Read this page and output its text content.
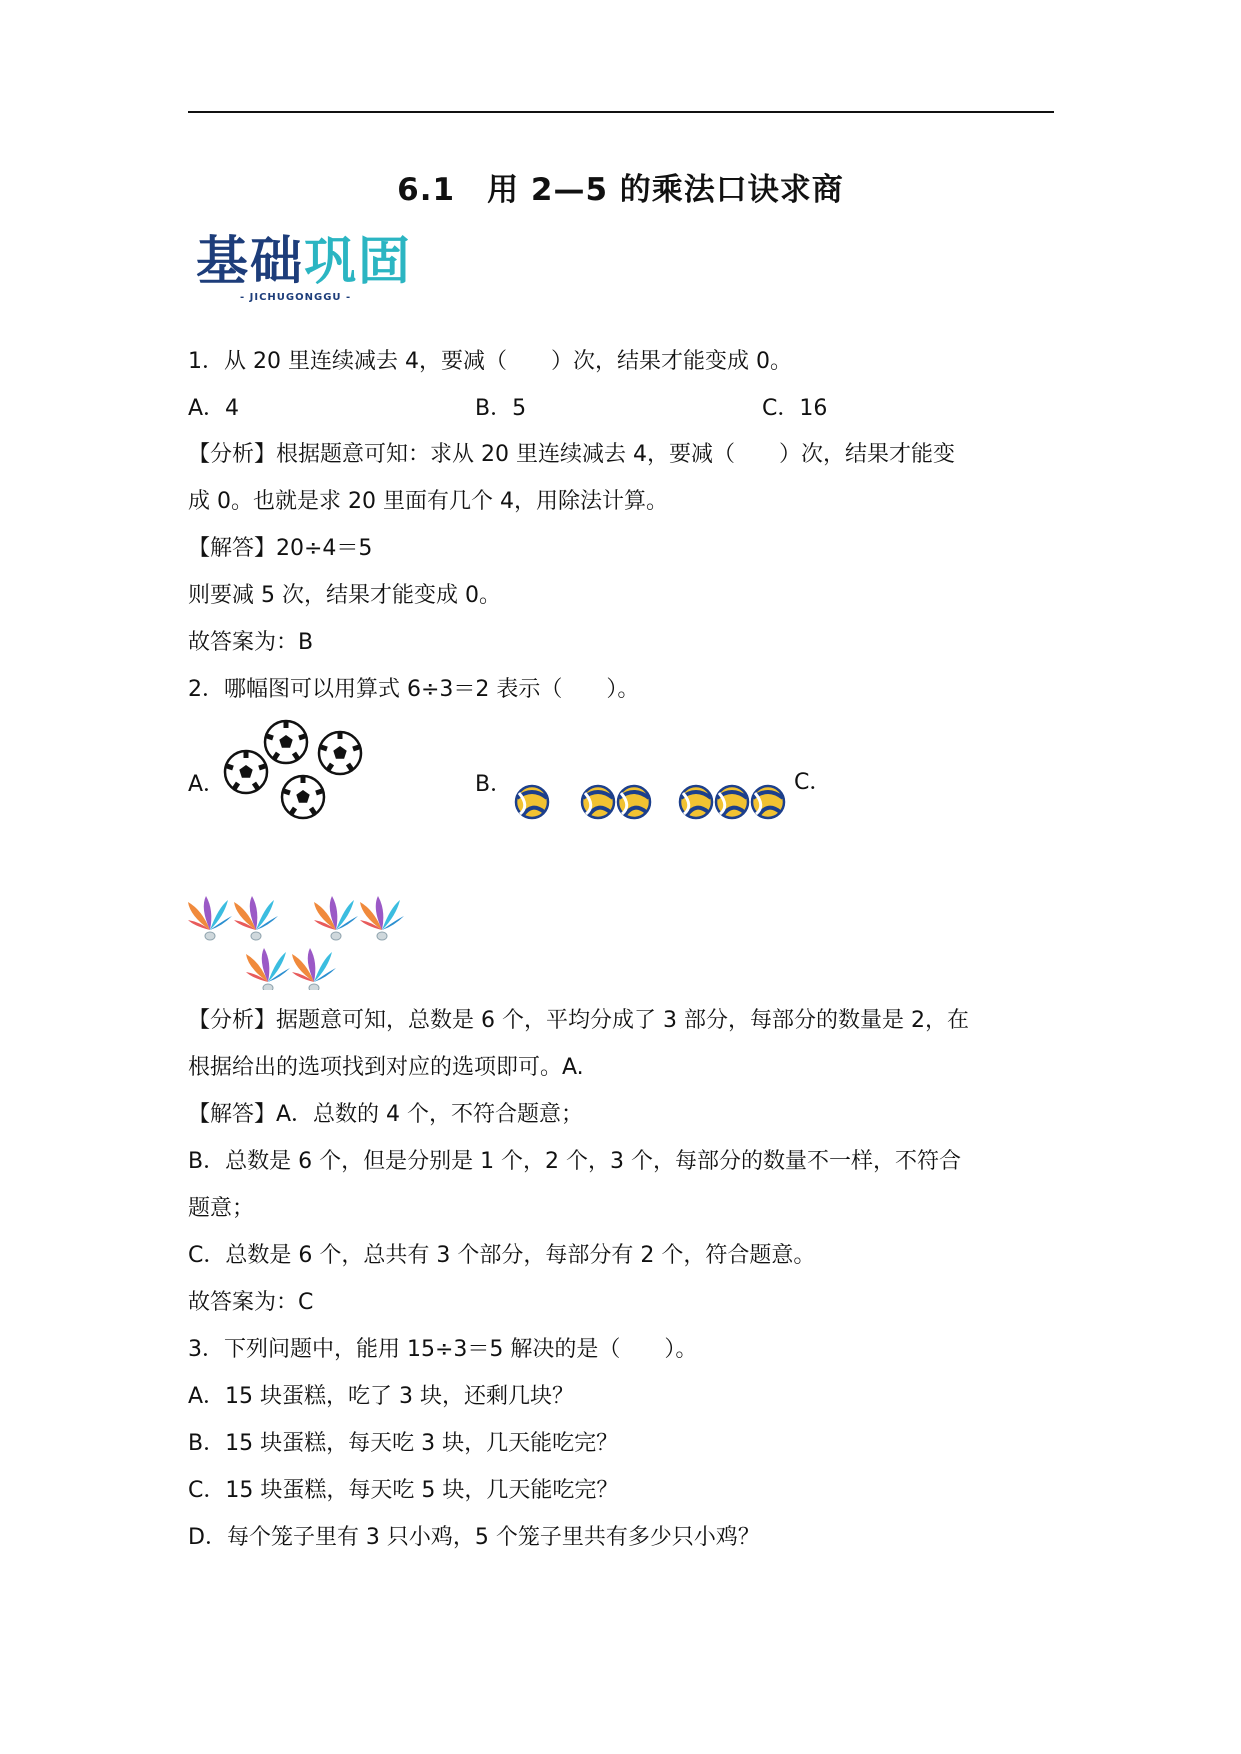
6.1　用 2—5 的乘法口诀求商
基础巩固
- JICHUGONGGU -
1．从 20 里连续减去 4，要减（　　）次，结果才能变成 0。
A．4	B．5	C．16
【分析】根据题意可知：求从 20 里连续减去 4，要减（　　）次，结果才能变
成 0。也就是求 20 里面有几个 4，用除法计算。
【解答】20÷4＝5
则要减 5 次，结果才能变成 0。
故答案为：B
2．哪幅图可以用算式 6÷3＝2 表示（　　）。
A．	B．	C．
【分析】据题意可知，总数是 6 个，平均分成了 3 部分，每部分的数量是 2，在
根据给出的选项找到对应的选项即可。A.
【解答】A．总数的 4 个，不符合题意；
B．总数是 6 个，但是分别是 1 个，2 个，3 个，每部分的数量不一样，不符合
题意；
C．总数是 6 个，总共有 3 个部分，每部分有 2 个，符合题意。
故答案为：C
3．下列问题中，能用 15÷3＝5 解决的是（　　）。
A．15 块蛋糕，吃了 3 块，还剩几块？
B．15 块蛋糕，每天吃 3 块，几天能吃完？
C．15 块蛋糕，每天吃 5 块，几天能吃完？
D．每个笼子里有 3 只小鸡，5 个笼子里共有多少只小鸡？
